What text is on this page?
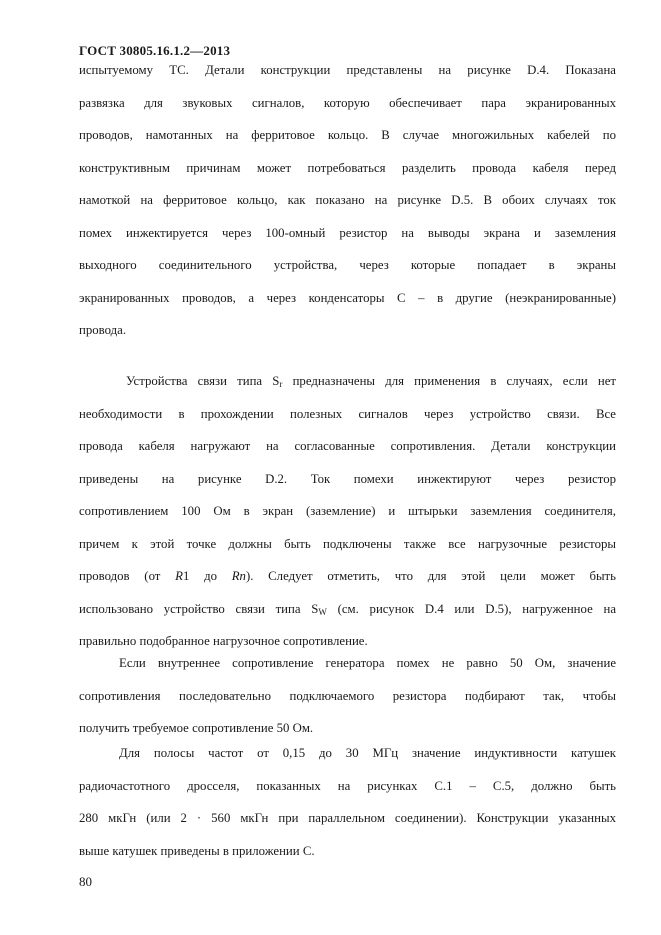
ГОСТ 30805.16.1.2—2013
испытуемому ТС. Детали конструкции представлены на рисунке D.4. Показана
развязка для звуковых сигналов, которую обеспечивает пара экранированных
проводов, намотанных на ферритовое кольцо. В случае многожильных кабелей по
конструктивным причинам может потребоваться разделить провода кабеля перед
намоткой на ферритовое кольцо, как показано на рисунке D.5. В обоих случаях ток
помех инжектируется через 100-омный резистор на выводы экрана и заземления
выходного соединительного устройства, через которые попадает в экраны
экранированных проводов, а через конденсаторы С – в другие (неэкранированные)
провода.
Устройства связи типа $S_r$ предназначены для применения в случаях, если нет
необходимости в прохождении полезных сигналов через устройство связи. Все
провода кабеля нагружают на согласованные сопротивления. Детали конструкции
приведены на рисунке D.2. Ток помехи инжектируют через резистор
сопротивлением 100 Ом в экран (заземление) и штырьки заземления соединителя,
причем к этой точке должны быть подключены также все нагрузочные резисторы
проводов (от R1 до Rn). Следует отметить, что для этой цели может быть
использовано устройство связи типа $S_W$ (см. рисунок D.4 или D.5), нагруженное на
правильно подобранное нагрузочное сопротивление.
Если внутреннее сопротивление генератора помех не равно 50 Ом, значение
сопротивления последовательно подключаемого резистора подбирают так, чтобы
получить требуемое сопротивление 50 Ом.
Для полосы частот от 0,15 до 30 МГц значение индуктивности катушек
радиочастотного дросселя, показанных на рисунках С.1 – С.5, должно быть
280 мкГн (или 2 · 560 мкГн при параллельном соединении). Конструкции указанных
выше катушек приведены в приложении С.
80
